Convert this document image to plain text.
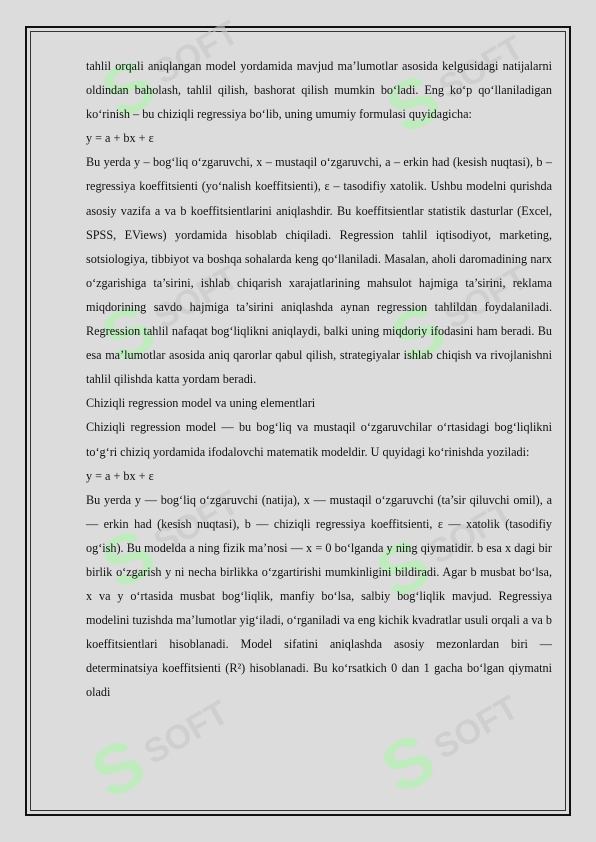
S
SOFT
S
SOFT
S
SOFT S
SOFT
S
SOFT
S
SOFT
S
SOFT S
SOFT

tahlil orqali aniqlangan model yordamida mavjud ma’lumotlar asosida kelgusidagi natijalarni oldindan baholash, tahlil qilish, bashorat qilish mumkin bo‘ladi. Eng ko‘p qo‘llaniladigan ko‘rinish – bu chiziqli regressiya bo‘lib, uning umumiy formulasi quyidagicha:

y = a + bx + ε

Bu yerda y – bog‘liq o‘zgaruvchi, x – mustaqil o‘zgaruvchi, a – erkin had (kesish nuqtasi), b – regressiya koeffitsienti (yo‘nalish koeffitsienti), ε – tasodifiy xatolik. Ushbu modelni qurishda asosiy vazifa a va b koeffitsientlarini aniqlashdir. Bu koeffitsientlar statistik dasturlar (Excel, SPSS, EViews) yordamida hisoblab chiqiladi. Regression tahlil iqtisodiyot, marketing, sotsiologiya, tibbiyot va boshqa sohalarda keng qo‘llaniladi. Masalan, aholi daromadining narx o‘zgarishiga ta’sirini, ishlab chiqarish xarajatlarining mahsulot hajmiga ta’sirini, reklama miqdorining savdo hajmiga ta’sirini aniqlashda aynan regression tahlildan foydalaniladi. Regression tahlil nafaqat bog‘liqlikni aniqlaydi, balki uning miqdoriy ifodasini ham beradi. Bu esa ma’lumotlar asosida aniq qarorlar qabul qilish, strategiyalar ishlab chiqish va rivojlanishni tahlil qilishda katta yordam beradi.

Chiziqli regression model va uning elementlari

Chiziqli regression model — bu bog‘liq va mustaqil o‘zgaruvchilar o‘rtasidagi bog‘liqlikni to‘g‘ri chiziq yordamida ifodalovchi matematik modeldir. U quyidagi ko‘rinishda yoziladi:

y = a + bx + ε

Bu yerda y — bog‘liq o‘zgaruvchi (natija), x — mustaqil o‘zgaruvchi (ta’sir qiluvchi omil), a — erkin had (kesish nuqtasi), b — chiziqli regressiya koeffitsienti, ε — xatolik (tasodifiy og‘ish). Bu modelda a ning fizik ma’nosi — x = 0 bo‘lganda y ning qiymatidir. b esa x dagi bir birlik o‘zgarish y ni necha birlikka o‘zgartirishi mumkinligini bildiradi. Agar b musbat bo‘lsa, x va y o‘rtasida musbat bog‘liqlik, manfiy bo‘lsa, salbiy bog‘liqlik mavjud. Regressiya modelini tuzishda ma’lumotlar yig‘iladi, o‘rganiladi va eng kichik kvadratlar usuli orqali a va b koeffitsientlari hisoblanadi. Model sifatini aniqlashda asosiy mezonlardan biri — determinatsiya koeffitsienti (R²) hisoblanadi. Bu ko‘rsatkich 0 dan 1 gacha bo‘lgan qiymatni oladi
